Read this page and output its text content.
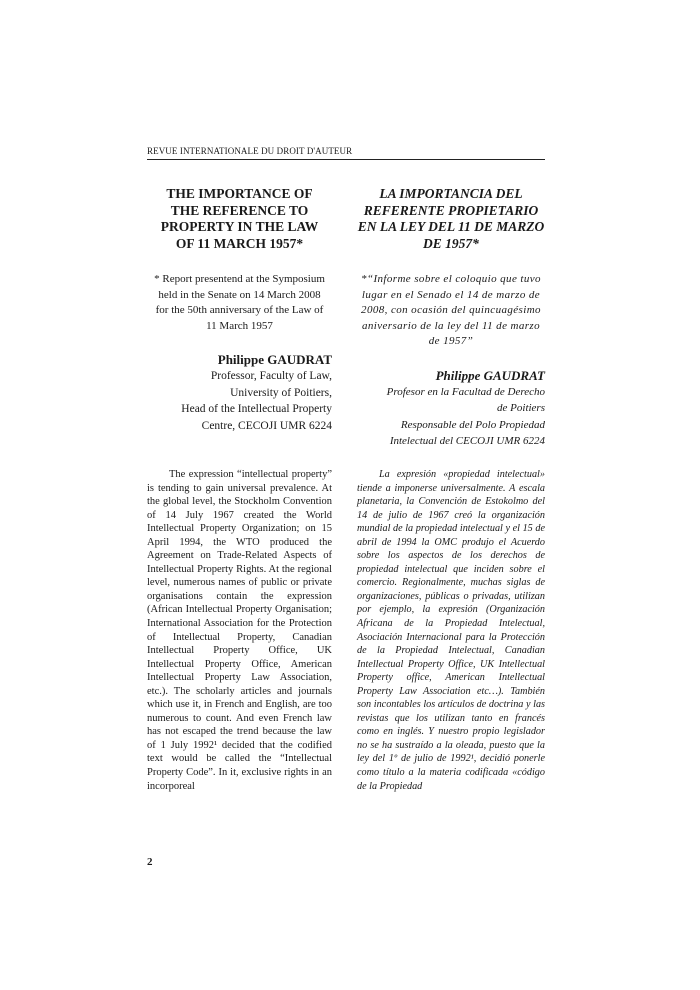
REVUE INTERNATIONALE DU DROIT D'AUTEUR
THE IMPORTANCE OF THE REFERENCE TO PROPERTY IN THE LAW OF 11 MARCH 1957*
* Report presentend at the Symposium held in the Senate on 14 March 2008 for the 50th anniversary of the Law of 11 March 1957
Philippe GAUDRAT
Professor, Faculty of Law,
University of Poitiers,
Head of the Intellectual Property
Centre, CECOJI UMR 6224
LA IMPORTANCIA DEL REFERENTE PROPIETARIO EN LA LEY DEL 11 DE MARZO DE 1957*
*“Informe sobre el coloquio que tuvo lugar en el Senado el 14 de marzo de 2008, con ocasión del quincuagésimo aniversario de la ley del 11 de marzo de 1957”
Philippe GAUDRAT
Profesor en la Facultad de Derecho
de Poitiers
Responsable del Polo Propiedad
Intelectual del CECOJI UMR 6224

The expression “intellectual property” is tending to gain universal prevalence. At the global level, the Stockholm Convention of 14 July 1967 created the World Intellectual Property Organization; on 15 April 1994, the WTO produced the Agreement on Trade-Related Aspects of Intellectual Property Rights. At the regional level, numerous names of public or private organisations contain the expression (African Intellectual Property Organisation; International Association for the Protection of Intellectual Property, Canadian Intellectual Property Office, UK Intellectual Property Office, American Intellectual Property Law Association, etc.). The scholarly articles and journals which use it, in French and English, are too numerous to count. And even French law has not escaped the trend because the law of 1 July 1992¹ decided that the codified text would be called the “Intellectual Property Code”. In it, exclusive rights in an incorporeal

La expresión «propiedad intelectual» tiende a imponerse universalmente. A escala planetaria, la Convención de Estokolmo del 14 de julio de 1967 creó la organización mundial de la propiedad intelectual y el 15 de abril de 1994 la OMC produjo el Acuerdo sobre los aspectos de los derechos de propiedad intelectual que inciden sobre el comercio. Regionalmente, muchas siglas de organizaciones, públicas o privadas, utilizan por ejemplo, la expresión (Organización Africana de la Propiedad Intelectual, Asociación Internacional para la Protección de la Propiedad Intelectual, Canadian Intellectual Property Office, UK Intellectual Property office, American Intellectual Property Law Association etc…). También son incontables los artículos de doctrina y las revistas que los utilizan tanto en francés como en inglés. Y nuestro propio legislador no se ha sustraído a la oleada, puesto que la ley del 1º de julio de 1992¹, decidió ponerle como título a la materia codificada «código de la Propiedad

2
